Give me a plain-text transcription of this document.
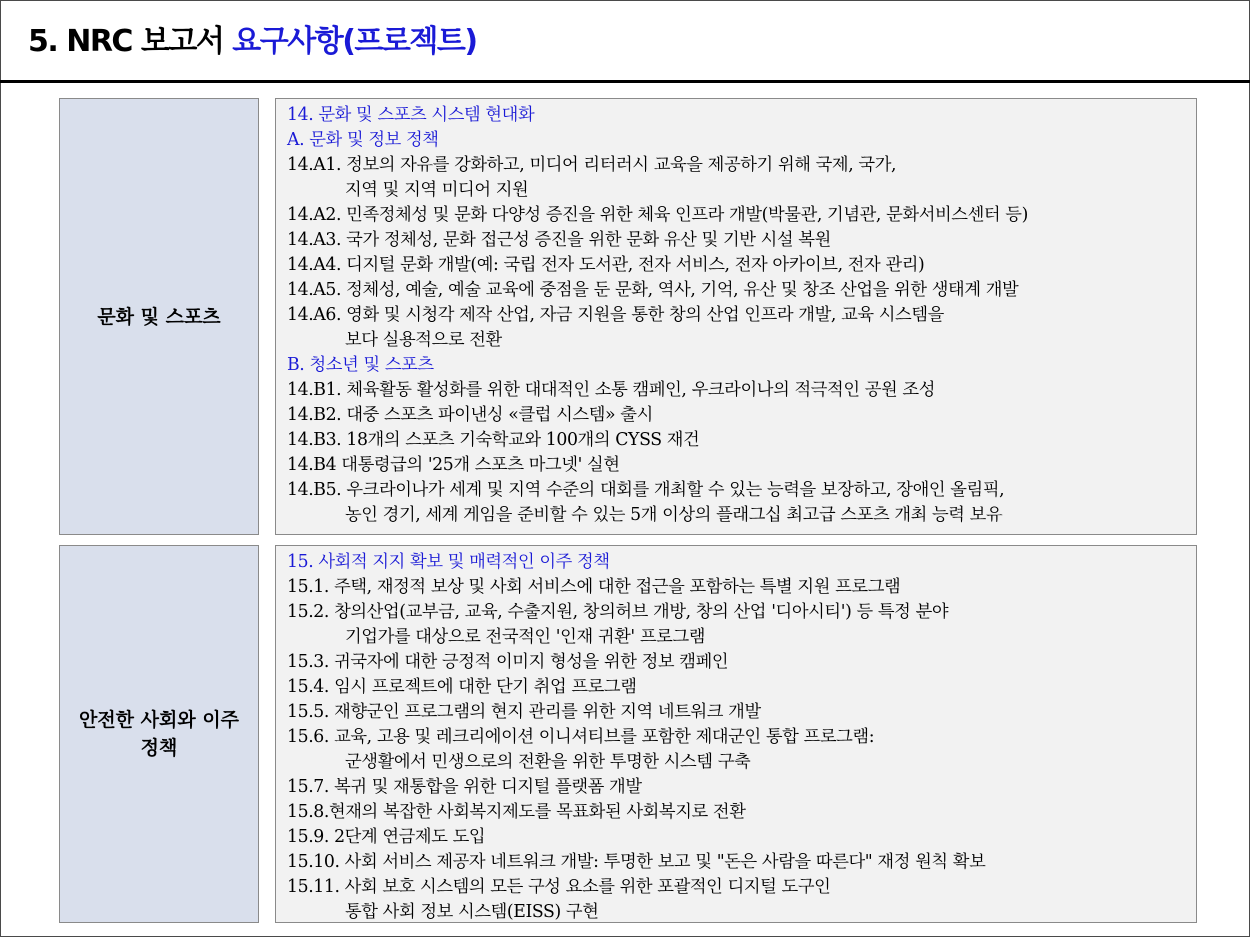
5. NRC 보고서 요구사항(프로젝트)
문화 및 스포츠
14. 문화 및 스포츠 시스템 현대화
A. 문화 및 정보 정책
14.A1. 정보의 자유를 강화하고, 미디어 리터러시 교육을 제공하기 위해 국제, 국가,
지역 및 지역 미디어 지원
14.A2. 민족정체성 및 문화 다양성 증진을 위한 체육 인프라 개발(박물관, 기념관, 문화서비스센터 등)
14.A3. 국가 정체성, 문화 접근성 증진을 위한 문화 유산 및 기반 시설 복원
14.A4. 디지털 문화 개발(예: 국립 전자 도서관, 전자 서비스, 전자 아카이브, 전자 관리)
14.A5. 정체성, 예술, 예술 교육에 중점을 둔 문화, 역사, 기억, 유산 및 창조 산업을 위한 생태계 개발
14.A6. 영화 및 시청각 제작 산업, 자금 지원을 통한 창의 산업 인프라 개발, 교육 시스템을
보다 실용적으로 전환
B. 청소년 및 스포츠
14.B1. 체육활동 활성화를 위한 대대적인 소통 캠페인, 우크라이나의 적극적인 공원 조성
14.B2. 대중 스포츠 파이낸싱 «클럽 시스템» 출시
14.B3. 18개의 스포츠 기숙학교와 100개의 CYSS 재건
14.B4 대통령급의 '25개 스포츠 마그넷' 실현
14.B5. 우크라이나가 세계 및 지역 수준의 대회를 개최할 수 있는 능력을 보장하고, 장애인 올림픽,
농인 경기, 세계 게임을 준비할 수 있는 5개 이상의 플래그십 최고급 스포츠 개최 능력 보유
안전한 사회와 이주 정책
15. 사회적 지지 확보 및 매력적인 이주 정책
15.1. 주택, 재정적 보상 및 사회 서비스에 대한 접근을 포함하는 특별 지원 프로그램
15.2. 창의산업(교부금, 교육, 수출지원, 창의허브 개방, 창의 산업 '디아시티') 등 특정 분야
기업가를 대상으로 전국적인 '인재 귀환' 프로그램
15.3. 귀국자에 대한 긍정적 이미지 형성을 위한 정보 캠페인
15.4. 임시 프로젝트에 대한 단기 취업 프로그램
15.5. 재향군인 프로그램의 현지 관리를 위한 지역 네트워크 개발
15.6. 교육, 고용 및 레크리에이션 이니셔티브를 포함한 제대군인 통합 프로그램:
군생활에서 민생으로의 전환을 위한 투명한 시스템 구축
15.7. 복귀 및 재통합을 위한 디지털 플랫폼 개발
15.8.현재의 복잡한 사회복지제도를 목표화된 사회복지로 전환
15.9. 2단계 연금제도 도입
15.10. 사회 서비스 제공자 네트워크 개발: 투명한 보고 및 "돈은 사람을 따른다" 재정 원칙 확보
15.11. 사회 보호 시스템의 모든 구성 요소를 위한 포괄적인 디지털 도구인
통합 사회 정보 시스템(EISS) 구현
